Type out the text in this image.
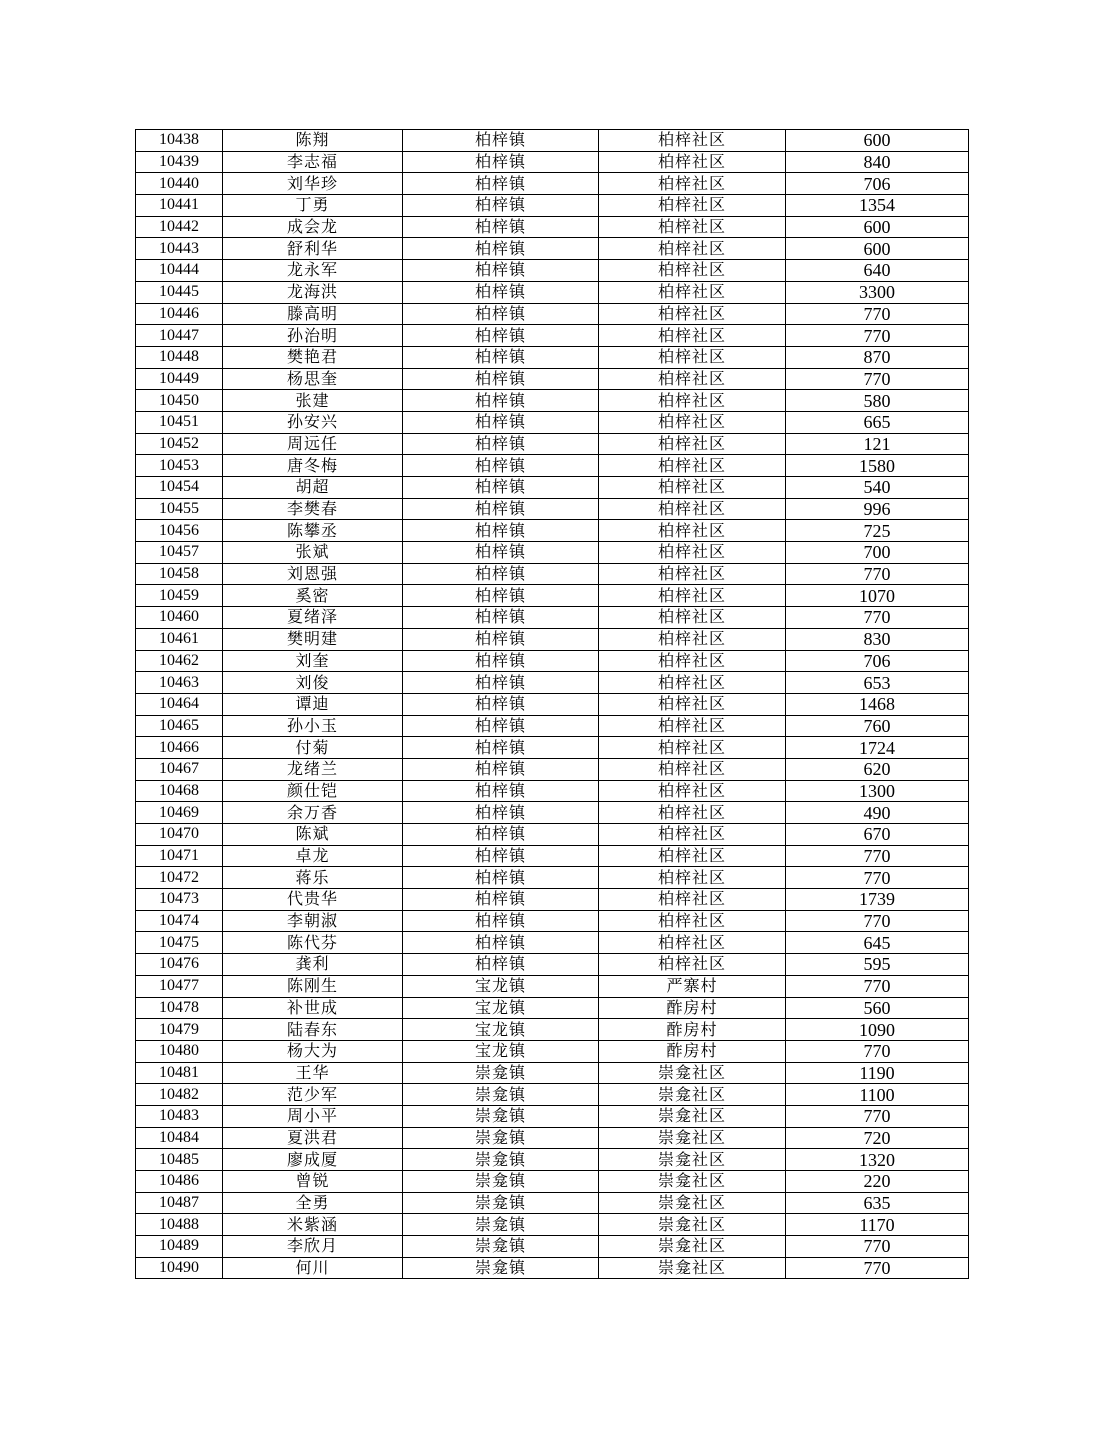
10438	陈翔	柏梓镇	柏梓社区	600
10439	李志福	柏梓镇	柏梓社区	840
10440	刘华珍	柏梓镇	柏梓社区	706
10441	丁勇	柏梓镇	柏梓社区	1354
10442	成会龙	柏梓镇	柏梓社区	600
10443	舒利华	柏梓镇	柏梓社区	600
10444	龙永军	柏梓镇	柏梓社区	640
10445	龙海洪	柏梓镇	柏梓社区	3300
10446	滕高明	柏梓镇	柏梓社区	770
10447	孙治明	柏梓镇	柏梓社区	770
10448	樊艳君	柏梓镇	柏梓社区	870
10449	杨思奎	柏梓镇	柏梓社区	770
10450	张建	柏梓镇	柏梓社区	580
10451	孙安兴	柏梓镇	柏梓社区	665
10452	周远任	柏梓镇	柏梓社区	121
10453	唐冬梅	柏梓镇	柏梓社区	1580
10454	胡超	柏梓镇	柏梓社区	540
10455	李樊春	柏梓镇	柏梓社区	996
10456	陈攀丞	柏梓镇	柏梓社区	725
10457	张斌	柏梓镇	柏梓社区	700
10458	刘恩强	柏梓镇	柏梓社区	770
10459	奚密	柏梓镇	柏梓社区	1070
10460	夏绪泽	柏梓镇	柏梓社区	770
10461	樊明建	柏梓镇	柏梓社区	830
10462	刘奎	柏梓镇	柏梓社区	706
10463	刘俊	柏梓镇	柏梓社区	653
10464	谭迪	柏梓镇	柏梓社区	1468
10465	孙小玉	柏梓镇	柏梓社区	760
10466	付菊	柏梓镇	柏梓社区	1724
10467	龙绪兰	柏梓镇	柏梓社区	620
10468	颜仕铠	柏梓镇	柏梓社区	1300
10469	余万香	柏梓镇	柏梓社区	490
10470	陈斌	柏梓镇	柏梓社区	670
10471	卓龙	柏梓镇	柏梓社区	770
10472	蒋乐	柏梓镇	柏梓社区	770
10473	代贵华	柏梓镇	柏梓社区	1739
10474	李朝淑	柏梓镇	柏梓社区	770
10475	陈代芬	柏梓镇	柏梓社区	645
10476	龚利	柏梓镇	柏梓社区	595
10477	陈刚生	宝龙镇	严寨村	770
10478	补世成	宝龙镇	酢房村	560
10479	陆春东	宝龙镇	酢房村	1090
10480	杨大为	宝龙镇	酢房村	770
10481	王华	崇龛镇	崇龛社区	1190
10482	范少军	崇龛镇	崇龛社区	1100
10483	周小平	崇龛镇	崇龛社区	770
10484	夏洪君	崇龛镇	崇龛社区	720
10485	廖成厦	崇龛镇	崇龛社区	1320
10486	曾锐	崇龛镇	崇龛社区	220
10487	全勇	崇龛镇	崇龛社区	635
10488	米紫涵	崇龛镇	崇龛社区	1170
10489	李欣月	崇龛镇	崇龛社区	770
10490	何川	崇龛镇	崇龛社区	770
